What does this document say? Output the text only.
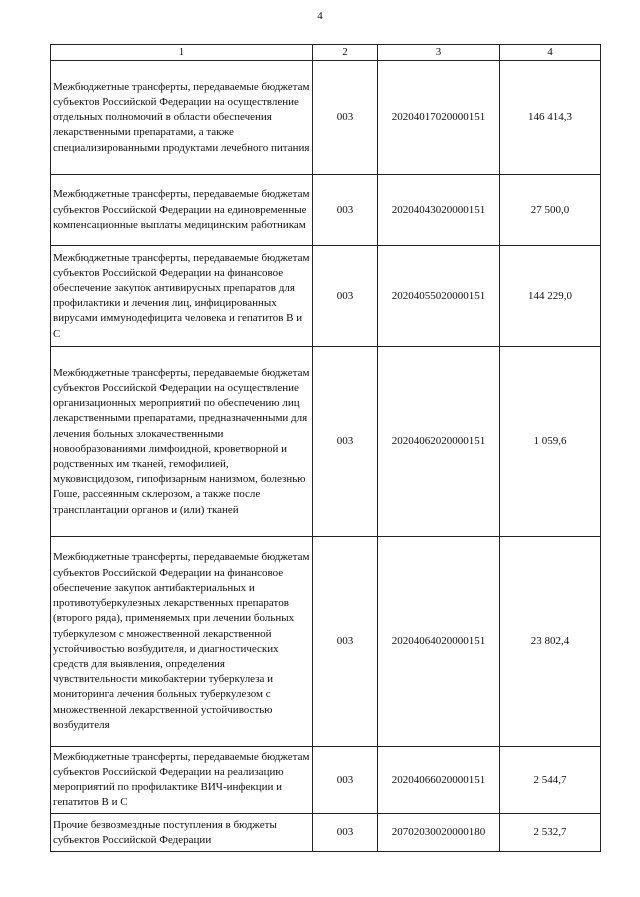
4
1	2	3	4
Межбюджетные трансферты, передаваемые бюджетам субъектов Российской Федерации на осуществление отдельных полномочий в области обеспечения лекарственными препаратами, а также специализированными продуктами лечебного питания	003	20204017020000151	146 414,3
Межбюджетные трансферты, передаваемые бюджетам субъектов Российской Федерации на единовременные компенсационные выплаты медицинским работникам	003	20204043020000151	27 500,0
Межбюджетные трансферты, передаваемые бюджетам субъектов Российской Федерации на финансовое обеспечение закупок антивирусных препаратов для профилактики и лечения лиц, инфицированных вирусами иммунодефицита человека и гепатитов B и C	003	20204055020000151	144 229,0
Межбюджетные трансферты, передаваемые бюджетам субъектов Российской Федерации на осуществление организационных мероприятий по обеспечению лиц лекарственными препаратами, предназначенными для лечения больных злокачественными новообразованиями лимфоидной, кроветворной и родственных им тканей, гемофилией, муковисцидозом, гипофизарным нанизмом, болезнью Гоше, рассеянным склерозом, а также после трансплантации органов и (или) тканей	003	20204062020000151	1 059,6
Межбюджетные трансферты, передаваемые бюджетам субъектов Российской Федерации на финансовое обеспечение закупок антибактериальных и противотуберкулезных лекарственных препаратов (второго ряда), применяемых при лечении больных туберкулезом с множественной лекарственной устойчивостью возбудителя, и диагностических средств для выявления, определения чувствительности микобактерии туберкулеза и мониторинга лечения больных туберкулезом с множественной лекарственной устойчивостью возбудителя	003	20204064020000151	23 802,4
Межбюджетные трансферты, передаваемые бюджетам субъектов Российской Федерации на реализацию мероприятий по профилактике ВИЧ-инфекции и гепатитов B и C	003	20204066020000151	2 544,7
Прочие безвозмездные поступления в бюджеты субъектов Российской Федерации	003	20702030020000180	2 532,7
